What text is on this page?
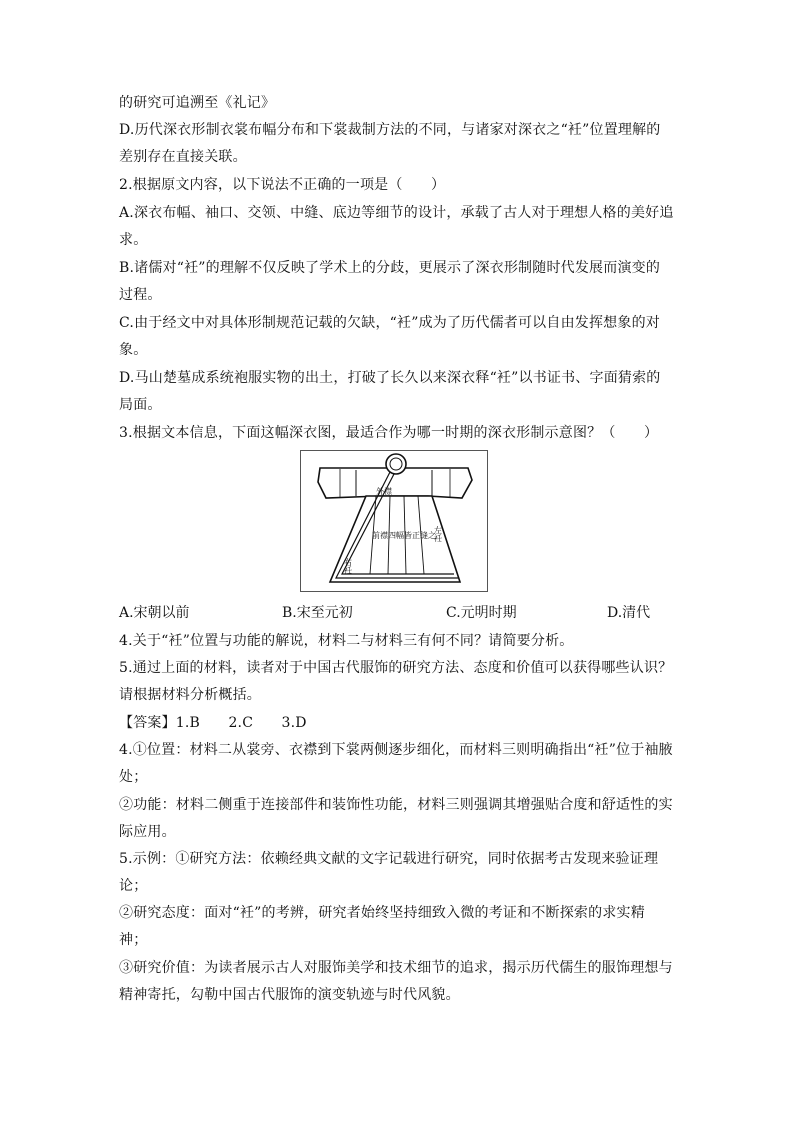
的研究可追溯至《礼记》
D.历代深衣形制衣裳布幅分布和下裳裁制方法的不同，与诸家对深衣之“衽”位置理解的
差别存在直接关联。
2.根据原文内容，以下说法不正确的一项是（　　）
A.深衣布幅、袖口、交领、中缝、底边等细节的设计，承载了古人对于理想人格的美好追
求。
B.诸儒对“衽”的理解不仅反映了学术上的分歧，更展示了深衣形制随时代发展而演变的
过程。
C.由于经文中对具体形制规范记载的欠缺，“衽”成为了历代儒者可以自由发挥想象的对
象。
D.马山楚墓成系统袍服实物的出土，打破了长久以来深衣释“衽”以书证书、字面猜索的
局面。
3.根据文本信息，下面这幅深衣图，最适合作为哪一时期的深衣形制示意图？（　　）
外襟
前襟 四幅 皆正 缝之
左衽
右衽
A.宋朝以前	B.宋至元初	C.元明时期	D.清代
4.关于“衽”位置与功能的解说，材料二与材料三有何不同？请简要分析。
5.通过上面的材料，读者对于中国古代服饰的研究方法、态度和价值可以获得哪些认识？
请根据材料分析概括。
【答案】1.B　　2.C　　3.D
4.①位置：材料二从裳旁、衣襟到下裳两侧逐步细化，而材料三则明确指出“衽”位于袖腋
处；
②功能：材料二侧重于连接部件和装饰性功能，材料三则强调其增强贴合度和舒适性的实
际应用。
5.示例：①研究方法：依赖经典文献的文字记载进行研究，同时依据考古发现来验证理
论；
②研究态度：面对“衽”的考辨，研究者始终坚持细致入微的考证和不断探索的求实精
神；
③研究价值：为读者展示古人对服饰美学和技术细节的追求，揭示历代儒生的服饰理想与
精神寄托，勾勒中国古代服饰的演变轨迹与时代风貌。
